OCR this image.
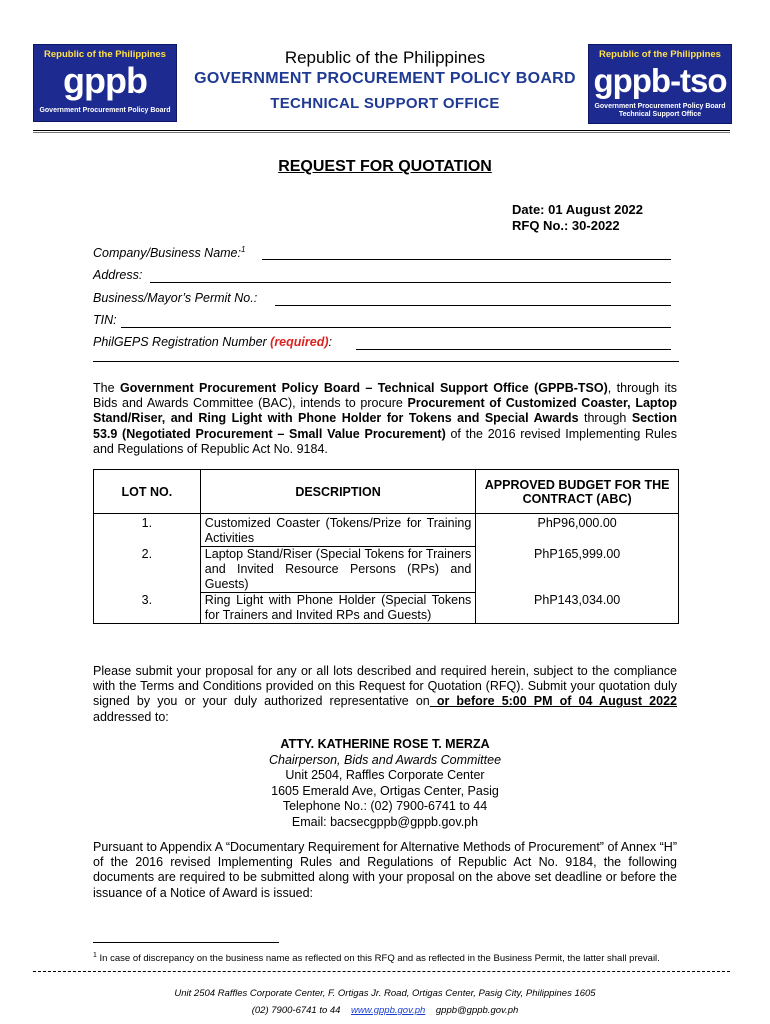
Republic of the Philippines
gppb
Government Procurement Policy Board
Republic of the Philippines
gppb-tso
Government Procurement Policy Board
Technical Support Office
Republic of the Philippines
GOVERNMENT PROCUREMENT POLICY BOARD
TECHNICAL SUPPORT OFFICE
REQUEST FOR QUOTATION
Date: 01 August 2022
RFQ No.: 30-2022
Company/Business Name:$^1$
Address:
Business/Mayor’s Permit No.:
TIN:
PhilGEPS Registration Number (required):
The Government Procurement Policy Board – Technical Support Office (GPPB-TSO), through its Bids and Awards Committee (BAC), intends to procure Procurement of Customized Coaster, Laptop Stand/Riser, and Ring Light with Phone Holder for Tokens and Special Awards through Section 53.9 (Negotiated Procurement – Small Value Procurement) of the 2016 revised Implementing Rules and Regulations of Republic Act No. 9184.
LOT NO.	DESCRIPTION	APPROVED BUDGET FOR THE CONTRACT (ABC)
1.	Customized Coaster (Tokens/Prize for Training Activities	PhP96,000.00
2.	Laptop Stand/Riser (Special Tokens for Trainers and Invited Resource Persons (RPs) and Guests)	PhP165,999.00
3.	Ring Light with Phone Holder (Special Tokens for Trainers and Invited RPs and Guests)	PhP143,034.00
Please submit your proposal for any or all lots described and required herein, subject to the compliance with the Terms and Conditions provided on this Request for Quotation (RFQ). Submit your quotation duly signed by you or your duly authorized representative on or before 5:00 PM of 04 August 2022 addressed to:
ATTY. KATHERINE ROSE T. MERZA
Chairperson, Bids and Awards Committee
Unit 2504, Raffles Corporate Center
1605 Emerald Ave, Ortigas Center, Pasig
Telephone No.: (02) 7900-6741 to 44
Email: bacsecgppb@gppb.gov.ph
Pursuant to Appendix A “Documentary Requirement for Alternative Methods of Procurement” of Annex “H” of the 2016 revised Implementing Rules and Regulations of Republic Act No. 9184, the following documents are required to be submitted along with your proposal on the above set deadline or before the issuance of a Notice of Award is issued:
$^1$ In case of discrepancy on the business name as reflected on this RFQ and as reflected in the Business Permit, the latter shall prevail.
Unit 2504 Raffles Corporate Center, F. Ortigas Jr. Road, Ortigas Center, Pasig City, Philippines 1605
(02) 7900-6741 to 44 www.gppb.gov.ph gppb@gppb.gov.ph
